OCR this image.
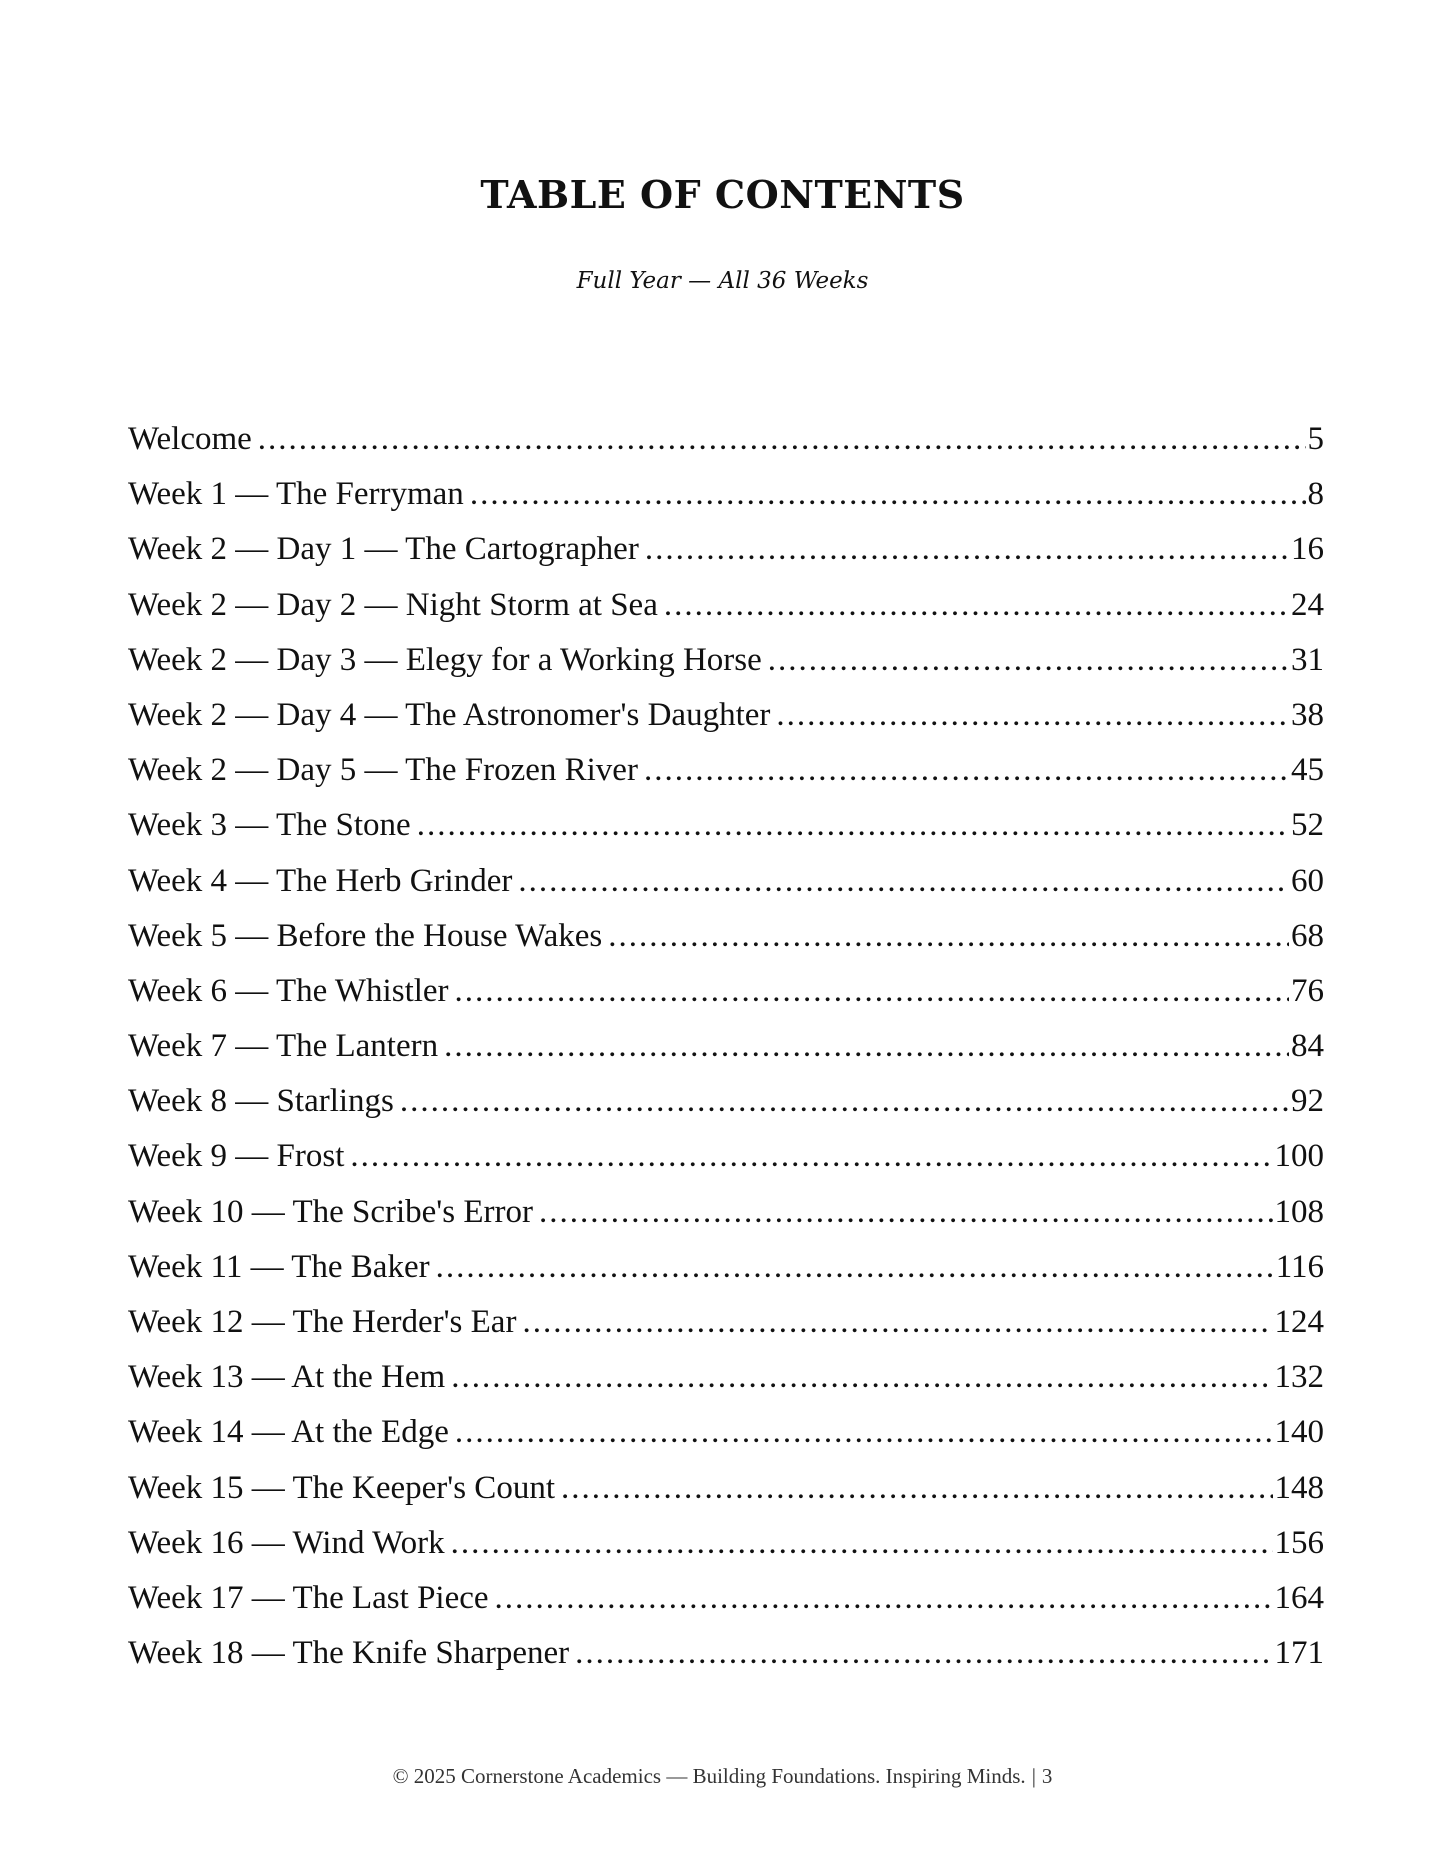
TABLE OF CONTENTS

Full Year — All 36 Weeks

Welcome .....	5
Week 1 — The Ferryman .....	8
Week 2 — Day 1 — The Cartographer .....	16
Week 2 — Day 2 — Night Storm at Sea .....	24
Week 2 — Day 3 — Elegy for a Working Horse .....	31
Week 2 — Day 4 — The Astronomer's Daughter .....	38
Week 2 — Day 5 — The Frozen River .....	45
Week 3 — The Stone .....	52
Week 4 — The Herb Grinder .....	60
Week 5 — Before the House Wakes .....	68
Week 6 — The Whistler .....	76
Week 7 — The Lantern .....	84
Week 8 — Starlings .....	92
Week 9 — Frost .....	100
Week 10 — The Scribe's Error .....	108
Week 11 — The Baker .....	116
Week 12 — The Herder's Ear .....	124
Week 13 — At the Hem .....	132
Week 14 — At the Edge .....	140
Week 15 — The Keeper's Count .....	148
Week 16 — Wind Work .....	156
Week 17 — The Last Piece .....	164
Week 18 — The Knife Sharpener .....	171

© 2025 Cornerstone Academics — Building Foundations. Inspiring Minds. | 3
